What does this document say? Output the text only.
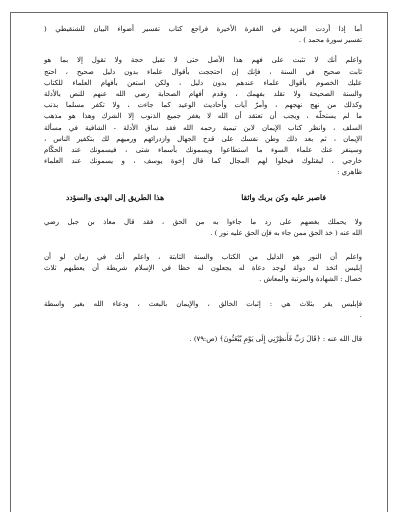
أما إذا أردت المزيد في الفقرة الأخيرة فراجع كتاب تفسير أضواء البيان للشنقيطي (
تفسير سورة محمد ) .
واعلم أنك لا تثبت على فهم هذا الأصل حتى لا تقبل حجة ولا تقول إلا بما هو
ثابت صحيح في السنة ، فإنك إن احتججت بأقوال علماء بدون دليل صحيح ، احتج
عليك الخصوم بأقوال علماء عندهم بدون دليل ، ولكن استعن بأفهام العلماء للكتاب
والسنة الصحيحة ولا تقلد بفهمك ، وقدم أفهام الصحابة رضي الله عنهم للنص بالأدلة
وكذلك من نهج نهجهم ، وأمرّ آيات وأحاديث الوعيد كما جاءت ، ولا تكفر مسلما بذنب
ما لم يستحلّه ، ويجب أن تعتقد أن الله لا يغفر جميع الذنوب إلا الشرك وهذا هو مذهب
السلف ، وانظر كتاب الإيمان لابن تيمية رحمه الله فقد ساق الأدلة - الشافية في مسألة
الإيمان ، ثم بعد ذلك وطن نفسك على قدح الجهال وازدرائهم ورميهم لك بتكفير الناس ،
وسينفر عنك علماء السوء ما استطاعوا ويسمونك بأسماء شتى ، فيسمونك عند الحكّام
خارجي ، ليقتلوك فيخلوا لهم المجال كما قال إخوة يوسف ، و يسمونك عند العلماء
ظاهري :
فاصبر عليه وكن بربك واثقا
هذا الطريق إلى الهدى والسؤدد
ولا يحملك بغضهم على رد ما جاءوا به من الحق ، فقد قال معاذ بن جبل رضي
الله عنه ( خذ الحق ممن جاء به فإن الحق عليه نور ) .
واعلم أن النور هو الدليل من الكتاب والسنة الثابتة ، واعلم أنك في زمان لو أن
إبليس اتخذ له دولة لوجد دعاة له يجعلون له حظا في الإسلام شريطة أن يعطيهم ثلاث
خصال : الشهادة والمرتبة والمعاش .
فإبليس يقر بثلاث هي : إثبات الخالق ، والإيمان بالبعث ، ودعاء الله بغير واسطة
.
قال الله عنه : ﴿قَالَ رَبِّ فَأَنظِرْنِي إِلَى يَوْمِ يُبْعَثُونَ﴾ (ص:٧٩) .
